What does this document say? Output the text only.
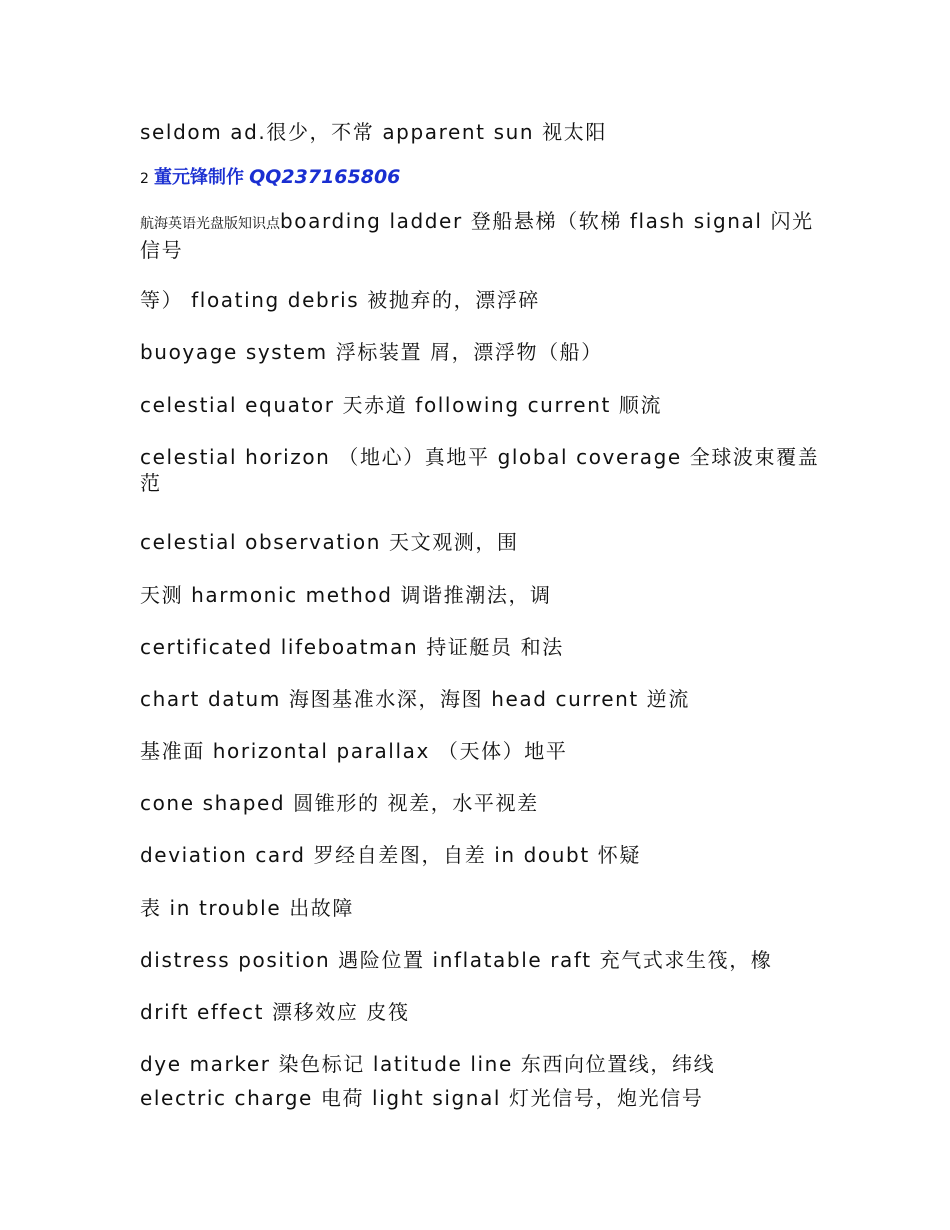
seldom ad.很少，不常 apparent sun 视太阳
2 董元锋制作 QQ237165806
航海英语光盘版知识点boarding ladder 登船悬梯（软梯 flash signal 闪光信号
等） floating debris 被抛弃的，漂浮碎
buoyage system 浮标装置 屑，漂浮物（船）
celestial equator 天赤道 following current 顺流
celestial horizon （地心）真地平 global coverage 全球波束覆盖范
celestial observation 天文观测，围
天测 harmonic method 调谐推潮法，调
certificated lifeboatman 持证艇员 和法
chart datum 海图基准水深，海图 head current 逆流
基准面 horizontal parallax （天体）地平
cone shaped 圆锥形的 视差，水平视差
deviation card 罗经自差图，自差 in doubt 怀疑
表 in trouble 出故障
distress position 遇险位置 inflatable raft 充气式求生筏，橡
drift effect 漂移效应 皮筏
dye marker 染色标记 latitude line 东西向位置线，纬线
electric charge 电荷 light signal 灯光信号，炮光信号
